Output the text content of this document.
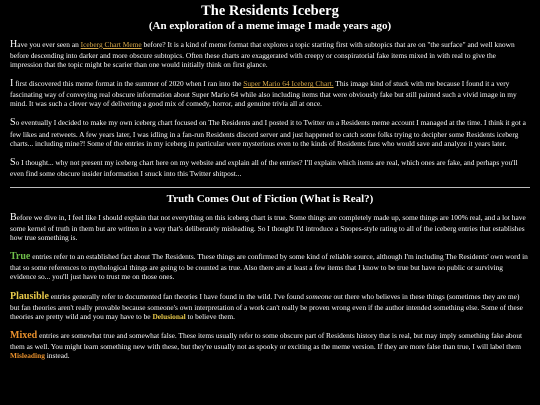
The Residents Iceberg
(An exploration of a meme image I made years ago)

Have you ever seen an Iceberg Chart Meme before? It is a kind of meme format that explores a topic starting first with subtopics that are on "the surface" and well known before descending into darker and more obscure subtopics. Often these charts are exaggerated with creepy or conspiratorial fake items mixed in with real to give the impression that the topic might be scarier than one would initially think on first glance.

I first discovered this meme format in the summer of 2020 when I ran into the Super Mario 64 Iceberg Chart. This image kind of stuck with me because I found it a very fascinating way of conveying real obscure information about Super Mario 64 while also including items that were obviously fake but still painted such a vivid image in my mind. It was such a clever way of delivering a good mix of comedy, horror, and genuine trivia all at once.

So eventually I decided to make my own iceberg chart focused on The Residents and I posted it to Twitter on a Residents meme account I managed at the time. I think it got a few likes and retweets. A few years later, I was idling in a fan-run Residents discord server and just happened to catch some folks trying to decipher some Residents iceberg charts... including mine?! Some of the entries in my iceberg in particular were mysterious even to the kinds of Residents fans who would save and analyze it years later.

So I thought... why not present my iceberg chart here on my website and explain all of the entries? I'll explain which items are real, which ones are fake, and perhaps you'll even find some obscure insider information I snuck into this Twitter shitpost...

Truth Comes Out of Fiction (What is Real?)

Before we dive in, I feel like I should explain that not everything on this iceberg chart is true. Some things are completely made up, some things are 100% real, and a lot have some kernel of truth in them but are written in a way that's deliberately misleading. So I thought I'd introduce a Snopes-style rating to all of the iceberg entries that establishes how true something is.

True entries refer to an established fact about The Residents. These things are confirmed by some kind of reliable source, although I'm including The Residents' own word in that so some references to mythological things are going to be counted as true. Also there are at least a few items that I know to be true but have no public or surviving evidence so... you'll just have to trust me on those ones.

Plausible entries generally refer to documented fan theories I have found in the wild. I've found someone out there who believes in these things (sometimes they are me) but fan theories aren't really provable because someone's own interpretation of a work can't really be proven wrong even if the author intended something else. Some of these theories are pretty wild and you may have to be Delusional to believe them.

Mixed entries are somewhat true and somewhat false. These items usually refer to some obscure part of Residents history that is real, but may imply something fake about them as well. You might learn something new with these, but they're usually not as spooky or exciting as the meme version. If they are more false than true, I will label them Misleading instead.
